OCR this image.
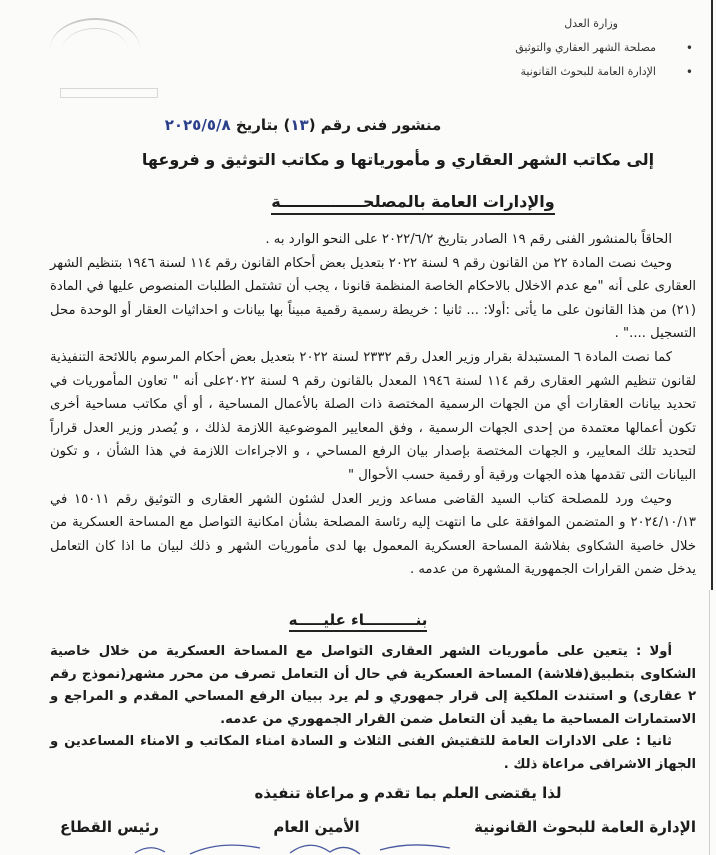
وزارة العدل
•
مصلحة الشهر العقاري والتوثيق
•
الإدارة العامة للبحوث القانونية
منشور فنى رقم (١٣) بتاريخ ٢٠٢٥/٥/٨
إلى مكاتب الشهر العقاري و مأمورياتها و مكاتب التوثيق و فروعها
والإدارات العامة بالمصلحـــــــــــــــة

الحاقاً بالمنشور الفنى رقم ١٩ الصادر بتاريخ ٢٠٢٢/٦/٢ على النحو الوارد به .

وحيث نصت المادة ٢٢ من القانون رقم ٩ لسنة ٢٠٢٢ بتعديل بعض أحكام القانون رقم ١١٤ لسنة ١٩٤٦ بتنظيم الشهر العقارى على أنه "مع عدم الاخلال بالاحكام الخاصة المنظمة قانونا ، يجب أن تشتمل الطلبات المنصوص عليها في المادة (٢١) من هذا القانون على ما يأتى :أولا: ... ثانيا : خريطة رسمية رقمية مبيناً بها بيانات و احداثيات العقار أو الوحدة محل التسجيل ...." .

كما نصت المادة ٦ المستبدلة بقرار وزير العدل رقم ٢٣٣٢ لسنة ٢٠٢٢ بتعديل بعض أحكام المرسوم باللائحة التنفيذية لقانون تنظيم الشهر العقارى رقم ١١٤ لسنة ١٩٤٦ المعدل بالقانون رقم ٩ لسنة ٢٠٢٢على أنه " تعاون المأموريات في تحديد بيانات العقارات أي من الجهات الرسمية المختصة ذات الصلة بالأعمال المساحية ، أو أي مكاتب مساحية أخرى تكون أعمالها معتمدة من إحدى الجهات الرسمية ، وفق المعايير الموضوعية اللازمة لذلك ، و يُصدر وزير العدل قراراً لتحديد تلك المعايير، و الجهات المختصة بإصدار بيان الرفع المساحي ، و الاجراءات اللازمة في هذا الشأن ، و تكون البيانات التى تقدمها هذه الجهات ورقية أو رقمية حسب الأحوال "

وحيث ورد للمصلحة كتاب السيد القاضى مساعد وزير العدل لشئون الشهر العقارى و التوثيق رقم ١٥٠١١ في ٢٠٢٤/١٠/١٣ و المتضمن الموافقة على ما انتهت إليه رئاسة المصلحة بشأن امكانية التواصل مع المساحة العسكرية من خلال خاصية الشكاوى بفلاشة المساحة العسكرية المعمول بها لدى مأموريات الشهر و ذلك لبيان ما اذا كان التعامل يدخل ضمن القرارات الجمهورية المشهرة من عدمه .

بنــــــــــاء عليـــــه

أولا : يتعين على مأموريات الشهر العقارى التواصل مع المساحة العسكرية من خلال خاصية الشكاوى بتطبيق(فلاشة) المساحة العسكرية في حال أن التعامل تصرف من محرر مشهر(نموذج رقم ٢ عقارى) و استندت الملكية إلى قرار جمهوري و لم يرد ببيان الرفع المساحي المقدم و المراجع و الاستمارات المساحية ما يفيد أن التعامل ضمن القرار الجمهوري من عدمه.

ثانيا : على الادارات العامة للتفتيش الفنى الثلاث و السادة امناء المكاتب و الامناء المساعدين و الجهاز الاشرافى مراعاة ذلك .

لذا يقتضى العلم بما تقدم و مراعاة تنفيذه
الإدارة العامة للبحوث القانونية
الأمين العام
رئيس القطاع
